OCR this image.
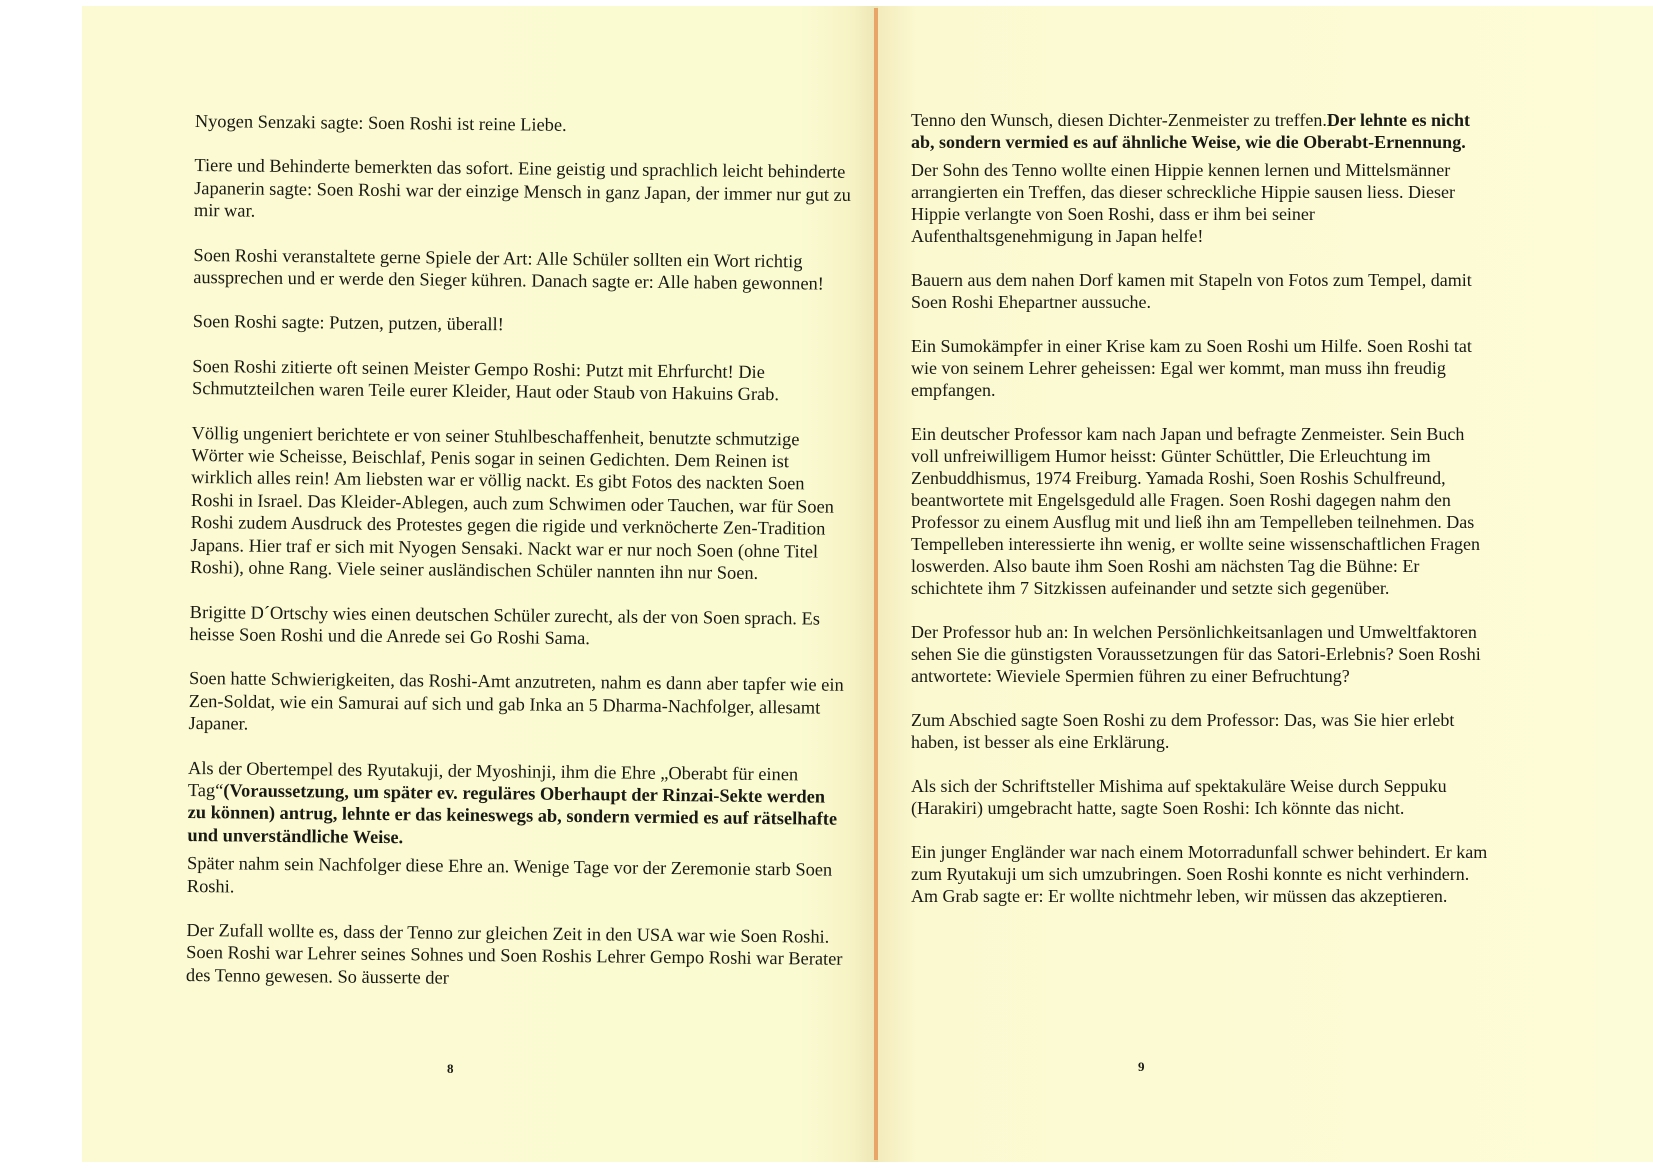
Nyogen Senzaki sagte: Soen Roshi ist reine Liebe.

Tiere und Behinderte bemerkten das sofort. Eine geistig und sprachlich leicht behinderte Japanerin sagte: Soen Roshi war der einzige Mensch in ganz Japan, der immer nur gut zu mir war.

Soen Roshi veranstaltete gerne Spiele der Art: Alle Schüler sollten ein Wort richtig aussprechen und er werde den Sieger kühren. Danach sagte er: Alle haben gewonnen!

Soen Roshi sagte: Putzen, putzen, überall!

Soen Roshi zitierte oft seinen Meister Gempo Roshi: Putzt mit Ehrfurcht! Die Schmutzteilchen waren Teile eurer Kleider, Haut oder Staub von Hakuins Grab.

Völlig ungeniert berichtete er von seiner Stuhlbeschaffenheit, benutzte schmutzige Wörter wie Scheisse, Beischlaf, Penis sogar in seinen Gedichten. Dem Reinen ist wirklich alles rein! Am liebsten war er völlig nackt. Es gibt Fotos des nackten Soen Roshi in Israel. Das Kleider-Ablegen, auch zum Schwimen oder Tauchen, war für Soen Roshi zudem Ausdruck des Protestes gegen die rigide und verknöcherte Zen-Tradition Japans. Hier traf er sich mit Nyogen Sensaki. Nackt war er nur noch Soen (ohne Titel Roshi), ohne Rang. Viele seiner ausländischen Schüler nannten ihn nur Soen.

Brigitte D´Ortschy wies einen deutschen Schüler zurecht, als der von Soen sprach. Es heisse Soen Roshi und die Anrede sei Go Roshi Sama.

Soen hatte Schwierigkeiten, das Roshi-Amt anzutreten, nahm es dann aber tapfer wie ein Zen-Soldat, wie ein Samurai auf sich und gab Inka an 5 Dharma-Nachfolger, allesamt Japaner.

Als der Obertempel des Ryutakuji, der Myoshinji, ihm die Ehre „Oberabt für einen Tag“(Voraussetzung, um später ev. reguläres Oberhaupt der Rinzai-Sekte werden zu können) antrug, lehnte er das keineswegs ab, sondern vermied es auf rätselhafte und unverständliche Weise.

Später nahm sein Nachfolger diese Ehre an. Wenige Tage vor der Zeremonie starb Soen Roshi.

Der Zufall wollte es, dass der Tenno zur gleichen Zeit in den USA war wie Soen Roshi. Soen Roshi war Lehrer seines Sohnes und Soen Roshis Lehrer Gempo Roshi war Berater des Tenno gewesen. So äusserte der

8

Tenno den Wunsch, diesen Dichter-Zenmeister zu treffen.Der lehnte es nicht ab, sondern vermied es auf ähnliche Weise, wie die Oberabt-Ernennung.

Der Sohn des Tenno wollte einen Hippie kennen lernen und Mittelsmänner arrangierten ein Treffen, das dieser schreckliche Hippie sausen liess. Dieser Hippie verlangte von Soen Roshi, dass er ihm bei seiner Aufenthaltsgenehmigung in Japan helfe!

Bauern aus dem nahen Dorf kamen mit Stapeln von Fotos zum Tempel, damit Soen Roshi Ehepartner aussuche.

Ein Sumokämpfer in einer Krise kam zu Soen Roshi um Hilfe. Soen Roshi tat wie von seinem Lehrer geheissen: Egal wer kommt, man muss ihn freudig empfangen.

Ein deutscher Professor kam nach Japan und befragte Zenmeister. Sein Buch voll unfreiwilligem Humor heisst: Günter Schüttler, Die Erleuchtung im Zenbuddhismus, 1974 Freiburg. Yamada Roshi, Soen Roshis Schulfreund, beantwortete mit Engelsgeduld alle Fragen. Soen Roshi dagegen nahm den Professor zu einem Ausflug mit und ließ ihn am Tempelleben teilnehmen. Das Tempelleben interessierte ihn wenig, er wollte seine wissenschaftlichen Fragen loswerden. Also baute ihm Soen Roshi am nächsten Tag die Bühne: Er schichtete ihm 7 Sitzkissen aufeinander und setzte sich gegenüber.

Der Professor hub an: In welchen Persönlichkeitsanlagen und Umweltfaktoren sehen Sie die günstigsten Voraussetzungen für das Satori-Erlebnis? Soen Roshi antwortete: Wieviele Spermien führen zu einer Befruchtung?

Zum Abschied sagte Soen Roshi zu dem Professor: Das, was Sie hier erlebt haben, ist besser als eine Erklärung.

Als sich der Schriftsteller Mishima auf spektakuläre Weise durch Seppuku (Harakiri) umgebracht hatte, sagte Soen Roshi: Ich könnte das nicht.

Ein junger Engländer war nach einem Motorradunfall schwer behindert. Er kam zum Ryutakuji um sich umzubringen. Soen Roshi konnte es nicht verhindern. Am Grab sagte er: Er wollte nichtmehr leben, wir müssen das akzeptieren.

9
